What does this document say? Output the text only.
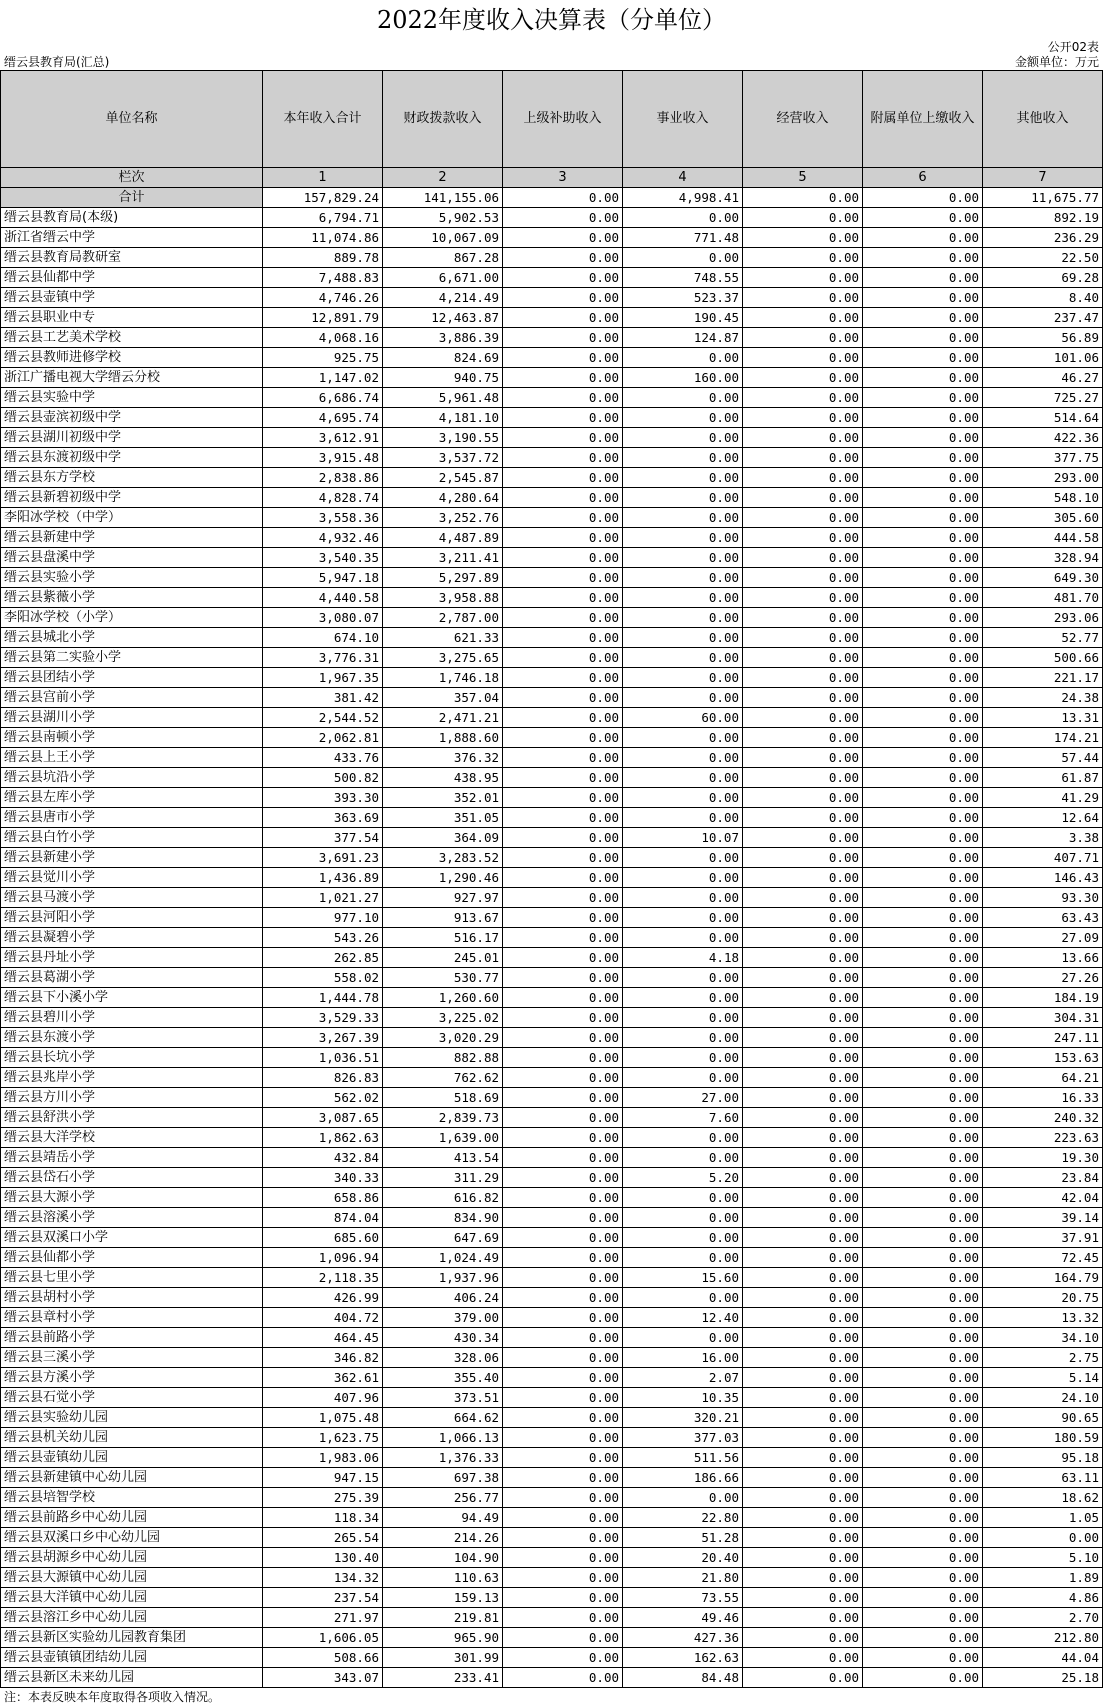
2022年度收入决算表（分单位）
公开02表
缙云县教育局(汇总)	金额单位：万元
单位名称	本年收入合计	财政拨款收入	上级补助收入	事业收入	经营收入	附属单位上缴收入	其他收入
栏次	1	2	3	4	5	6	7
合计	157,829.24	141,155.06	0.00	4,998.41	0.00	0.00	11,675.77
缙云县教育局(本级)	6,794.71	5,902.53	0.00	0.00	0.00	0.00	892.19
浙江省缙云中学	11,074.86	10,067.09	0.00	771.48	0.00	0.00	236.29
缙云县教育局教研室	889.78	867.28	0.00	0.00	0.00	0.00	22.50
缙云县仙都中学	7,488.83	6,671.00	0.00	748.55	0.00	0.00	69.28
缙云县壶镇中学	4,746.26	4,214.49	0.00	523.37	0.00	0.00	8.40
缙云县职业中专	12,891.79	12,463.87	0.00	190.45	0.00	0.00	237.47
缙云县工艺美术学校	4,068.16	3,886.39	0.00	124.87	0.00	0.00	56.89
缙云县教师进修学校	925.75	824.69	0.00	0.00	0.00	0.00	101.06
浙江广播电视大学缙云分校	1,147.02	940.75	0.00	160.00	0.00	0.00	46.27
缙云县实验中学	6,686.74	5,961.48	0.00	0.00	0.00	0.00	725.27
缙云县壶滨初级中学	4,695.74	4,181.10	0.00	0.00	0.00	0.00	514.64
缙云县湖川初级中学	3,612.91	3,190.55	0.00	0.00	0.00	0.00	422.36
缙云县东渡初级中学	3,915.48	3,537.72	0.00	0.00	0.00	0.00	377.75
缙云县东方学校	2,838.86	2,545.87	0.00	0.00	0.00	0.00	293.00
缙云县新碧初级中学	4,828.74	4,280.64	0.00	0.00	0.00	0.00	548.10
李阳冰学校（中学）	3,558.36	3,252.76	0.00	0.00	0.00	0.00	305.60
缙云县新建中学	4,932.46	4,487.89	0.00	0.00	0.00	0.00	444.58
缙云县盘溪中学	3,540.35	3,211.41	0.00	0.00	0.00	0.00	328.94
缙云县实验小学	5,947.18	5,297.89	0.00	0.00	0.00	0.00	649.30
缙云县紫薇小学	4,440.58	3,958.88	0.00	0.00	0.00	0.00	481.70
李阳冰学校（小学）	3,080.07	2,787.00	0.00	0.00	0.00	0.00	293.06
缙云县城北小学	674.10	621.33	0.00	0.00	0.00	0.00	52.77
缙云县第二实验小学	3,776.31	3,275.65	0.00	0.00	0.00	0.00	500.66
缙云县团结小学	1,967.35	1,746.18	0.00	0.00	0.00	0.00	221.17
缙云县宫前小学	381.42	357.04	0.00	0.00	0.00	0.00	24.38
缙云县湖川小学	2,544.52	2,471.21	0.00	60.00	0.00	0.00	13.31
缙云县南顿小学	2,062.81	1,888.60	0.00	0.00	0.00	0.00	174.21
缙云县上王小学	433.76	376.32	0.00	0.00	0.00	0.00	57.44
缙云县坑沿小学	500.82	438.95	0.00	0.00	0.00	0.00	61.87
缙云县左库小学	393.30	352.01	0.00	0.00	0.00	0.00	41.29
缙云县唐市小学	363.69	351.05	0.00	0.00	0.00	0.00	12.64
缙云县白竹小学	377.54	364.09	0.00	10.07	0.00	0.00	3.38
缙云县新建小学	3,691.23	3,283.52	0.00	0.00	0.00	0.00	407.71
缙云县觉川小学	1,436.89	1,290.46	0.00	0.00	0.00	0.00	146.43
缙云县马渡小学	1,021.27	927.97	0.00	0.00	0.00	0.00	93.30
缙云县河阳小学	977.10	913.67	0.00	0.00	0.00	0.00	63.43
缙云县凝碧小学	543.26	516.17	0.00	0.00	0.00	0.00	27.09
缙云县丹址小学	262.85	245.01	0.00	4.18	0.00	0.00	13.66
缙云县葛湖小学	558.02	530.77	0.00	0.00	0.00	0.00	27.26
缙云县下小溪小学	1,444.78	1,260.60	0.00	0.00	0.00	0.00	184.19
缙云县碧川小学	3,529.33	3,225.02	0.00	0.00	0.00	0.00	304.31
缙云县东渡小学	3,267.39	3,020.29	0.00	0.00	0.00	0.00	247.11
缙云县长坑小学	1,036.51	882.88	0.00	0.00	0.00	0.00	153.63
缙云县兆岸小学	826.83	762.62	0.00	0.00	0.00	0.00	64.21
缙云县方川小学	562.02	518.69	0.00	27.00	0.00	0.00	16.33
缙云县舒洪小学	3,087.65	2,839.73	0.00	7.60	0.00	0.00	240.32
缙云县大洋学校	1,862.63	1,639.00	0.00	0.00	0.00	0.00	223.63
缙云县靖岳小学	432.84	413.54	0.00	0.00	0.00	0.00	19.30
缙云县岱石小学	340.33	311.29	0.00	5.20	0.00	0.00	23.84
缙云县大源小学	658.86	616.82	0.00	0.00	0.00	0.00	42.04
缙云县溶溪小学	874.04	834.90	0.00	0.00	0.00	0.00	39.14
缙云县双溪口小学	685.60	647.69	0.00	0.00	0.00	0.00	37.91
缙云县仙都小学	1,096.94	1,024.49	0.00	0.00	0.00	0.00	72.45
缙云县七里小学	2,118.35	1,937.96	0.00	15.60	0.00	0.00	164.79
缙云县胡村小学	426.99	406.24	0.00	0.00	0.00	0.00	20.75
缙云县章村小学	404.72	379.00	0.00	12.40	0.00	0.00	13.32
缙云县前路小学	464.45	430.34	0.00	0.00	0.00	0.00	34.10
缙云县三溪小学	346.82	328.06	0.00	16.00	0.00	0.00	2.75
缙云县方溪小学	362.61	355.40	0.00	2.07	0.00	0.00	5.14
缙云县石觉小学	407.96	373.51	0.00	10.35	0.00	0.00	24.10
缙云县实验幼儿园	1,075.48	664.62	0.00	320.21	0.00	0.00	90.65
缙云县机关幼儿园	1,623.75	1,066.13	0.00	377.03	0.00	0.00	180.59
缙云县壶镇幼儿园	1,983.06	1,376.33	0.00	511.56	0.00	0.00	95.18
缙云县新建镇中心幼儿园	947.15	697.38	0.00	186.66	0.00	0.00	63.11
缙云县培智学校	275.39	256.77	0.00	0.00	0.00	0.00	18.62
缙云县前路乡中心幼儿园	118.34	94.49	0.00	22.80	0.00	0.00	1.05
缙云县双溪口乡中心幼儿园	265.54	214.26	0.00	51.28	0.00	0.00	0.00
缙云县胡源乡中心幼儿园	130.40	104.90	0.00	20.40	0.00	0.00	5.10
缙云县大源镇中心幼儿园	134.32	110.63	0.00	21.80	0.00	0.00	1.89
缙云县大洋镇中心幼儿园	237.54	159.13	0.00	73.55	0.00	0.00	4.86
缙云县溶江乡中心幼儿园	271.97	219.81	0.00	49.46	0.00	0.00	2.70
缙云县新区实验幼儿园教育集团	1,606.05	965.90	0.00	427.36	0.00	0.00	212.80
缙云县壶镇镇团结幼儿园	508.66	301.99	0.00	162.63	0.00	0.00	44.04
缙云县新区未来幼儿园	343.07	233.41	0.00	84.48	0.00	0.00	25.18
注：本表反映本年度取得各项收入情况。
